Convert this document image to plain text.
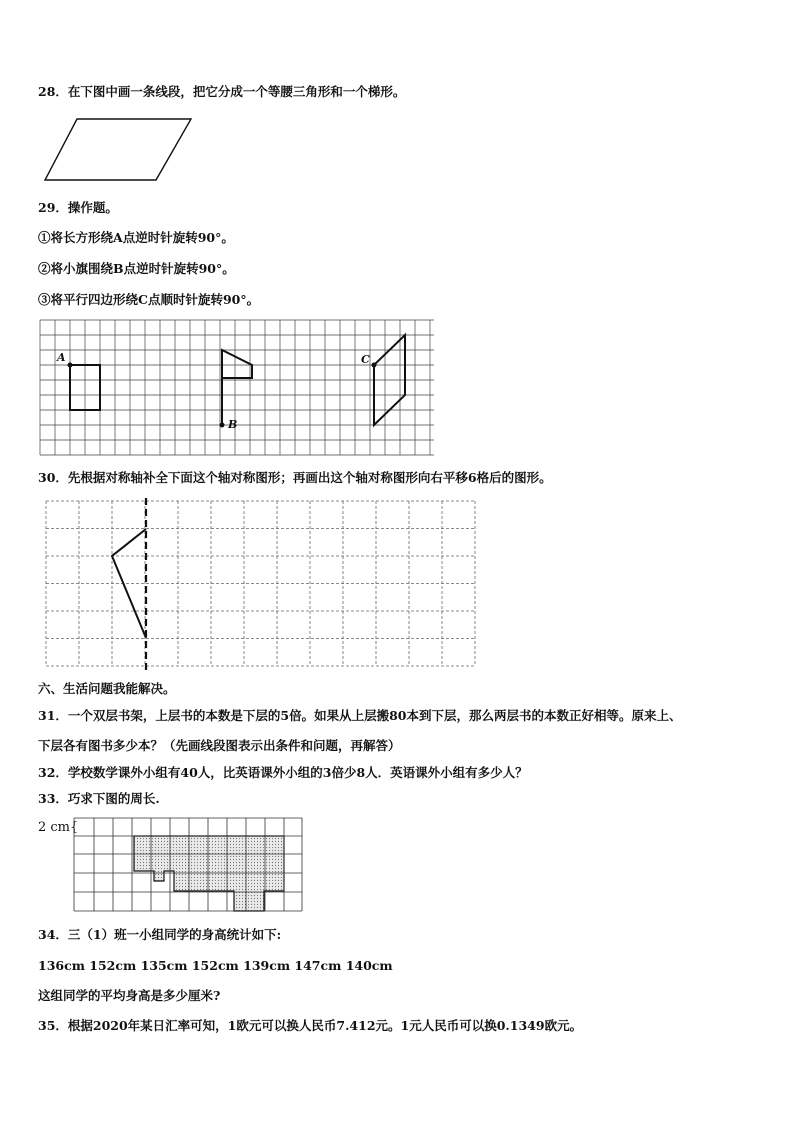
28．在下图中画一条线段，把它分成一个等腰三角形和一个梯形。
29．操作题。
①将长方形绕A点逆时针旋转90°。
②将小旗围绕B点逆时针旋转90°。
③将平行四边形绕C点顺时针旋转90°。
A
B
C
30．先根据对称轴补全下面这个轴对称图形；再画出这个轴对称图形向右平移6格后的图形。
六、生活问题我能解决。
31．一个双层书架，上层书的本数是下层的5倍。如果从上层搬80本到下层，那么两层书的本数正好相等。原来上、
下层各有图书多少本？（先画线段图表示出条件和问题，再解答）
32．学校数学课外小组有40人，比英语课外小组的3倍少8人．英语课外小组有多少人？
33．巧求下图的周长.
2 cm{
34．三（1）班一小组同学的身高统计如下:
136cm 152cm 135cm 152cm 139cm 147cm 140cm
这组同学的平均身高是多少厘米?
35．根据2020年某日汇率可知，1欧元可以换人民币7.412元。1元人民币可以换0.1349欧元。
